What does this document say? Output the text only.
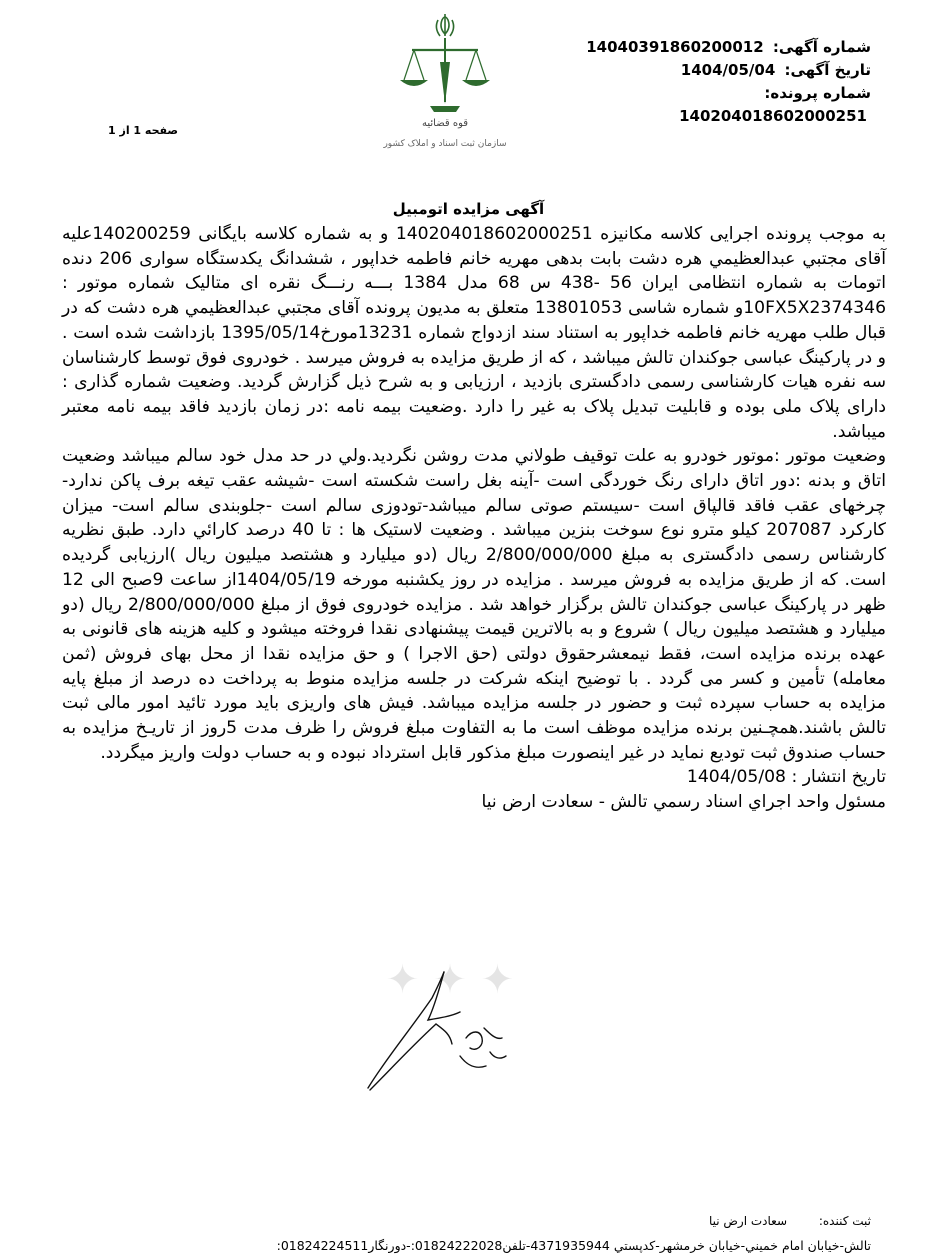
شماره آگهی: 14040391860200012
تاریخ آگهی: 1404/05/04
شماره پرونده: 140204018602000251
قوه قضائیه
سازمان ثبت اسناد و املاک کشور
صفحه 1 از 1
آگهی مزایده اتومبیل

به موجب پرونده اجرایی کلاسه مکانیزه 140204018602000251 و به شماره کلاسه بایگانی 140200259علیه آقای مجتبي عبدالعظيمي هره دشت بابت بدهی مهریه خانم فاطمه خداپور ، ششدانگ یکدستگاه سواری 206 دنده اتومات به شماره انتظامی ایران 56 -438 س 68 مدل 1384 بـــه رنـــگ نقره ای متالیک شماره موتور : 10FX5X2374346و شماره شاسی 13801053 متعلق به مدیون پرونده آقای مجتبي عبدالعظيمي هره دشت که در قبال طلب مهریه خانم فاطمه خداپور به استناد سند ازدواج شماره 13231مورخ1395/05/14 بازداشت شده است . و در پارکینگ عباسی جوکندان تالش میباشد ، که از طریق مزایده به فروش میرسد . خودروی فوق توسط کارشناسان سه نفره هیات کارشناسی رسمی دادگستری بازدید ، ارزیابی و به شرح ذیل گزارش گردید. وضعیت شماره گذاری : دارای پلاک ملی بوده و قابلیت تبدیل پلاک به غیر را دارد .وضعیت بیمه نامه :در زمان بازدید فاقد بیمه نامه معتبر میباشد.

وضعیت موتور :موتور خودرو به علت توقيف طولاني مدت روشن نگرديد.ولي در حد مدل خود سالم ميباشد وضعیت اتاق و بدنه :دور اتاق دارای رنگ خوردگی است -آینه بغل راست شکسته است -شیشه عقب تیغه برف پاکن ندارد-چرخهای عقب فاقد قالپاق است -سیستم صوتی سالم میباشد-تودوزی سالم است -جلوبندی سالم است- میزان کارکرد 207087 کیلو مترو نوع سوخت بنزین میباشد . وضعیت لاستیک ها : تا 40 درصد کارائي دارد. طبق نظریه کارشناس رسمی دادگستری به مبلغ 2/800/000/000 ریال (دو میلیارد و هشتصد میلیون ریال )ارزیابی گردیده است. که از طریق مزایده به فروش میرسد . مزایده در روز یکشنبه مورخه 1404/05/19از ساعت 9صبح الی 12 ظهر در پارکینگ عباسی جوکندان تالش برگزار خواهد شد . مزایده خودروی فوق از مبلغ 2/800/000/000 ریال (دو میلیارد و هشتصد میلیون ریال ) شروع و به بالاترین قیمت پیشنهادی نقدا فروخته میشود و کلیه هزینه های قانونی به عهده برنده مزایده است، فقط نیمعشرحقوق دولتی (حق الاجرا ) و حق مزایده نقدا از محل بهای فروش (ثمن معامله) تأمین و کسر می گردد . با توضیح اینکه شرکت در جلسه مزایده منوط به پرداخت ده درصد از مبلغ پایه مزایده به حساب سپرده ثبت و حضور در جلسه مزایده میباشد. فیش های واریزی باید مورد تائید امور مالی ثبت تالش باشند.همچـنین برنده مزایده موظف است ما به التفاوت مبلغ فروش را ظرف مدت 5روز از تاریـخ مزایده به حساب صندوق ثبت تودیع نماید در غیر اینصورت مبلغ مذکور قابل استرداد نبوده و به حساب دولت واریز میگردد.

تاریخ انتشار : 1404/05/08

مسئول واحد اجراي اسناد رسمي تالش - سعادت ارض نیا

✦ ✦ ✦
ثبت کننده: سعادت ارض نیا
تالش-خيابان امام خميني-خيابان خرمشهر-کدپستي 4371935944-تلفن01824222028:-دورنگار01824224511:
